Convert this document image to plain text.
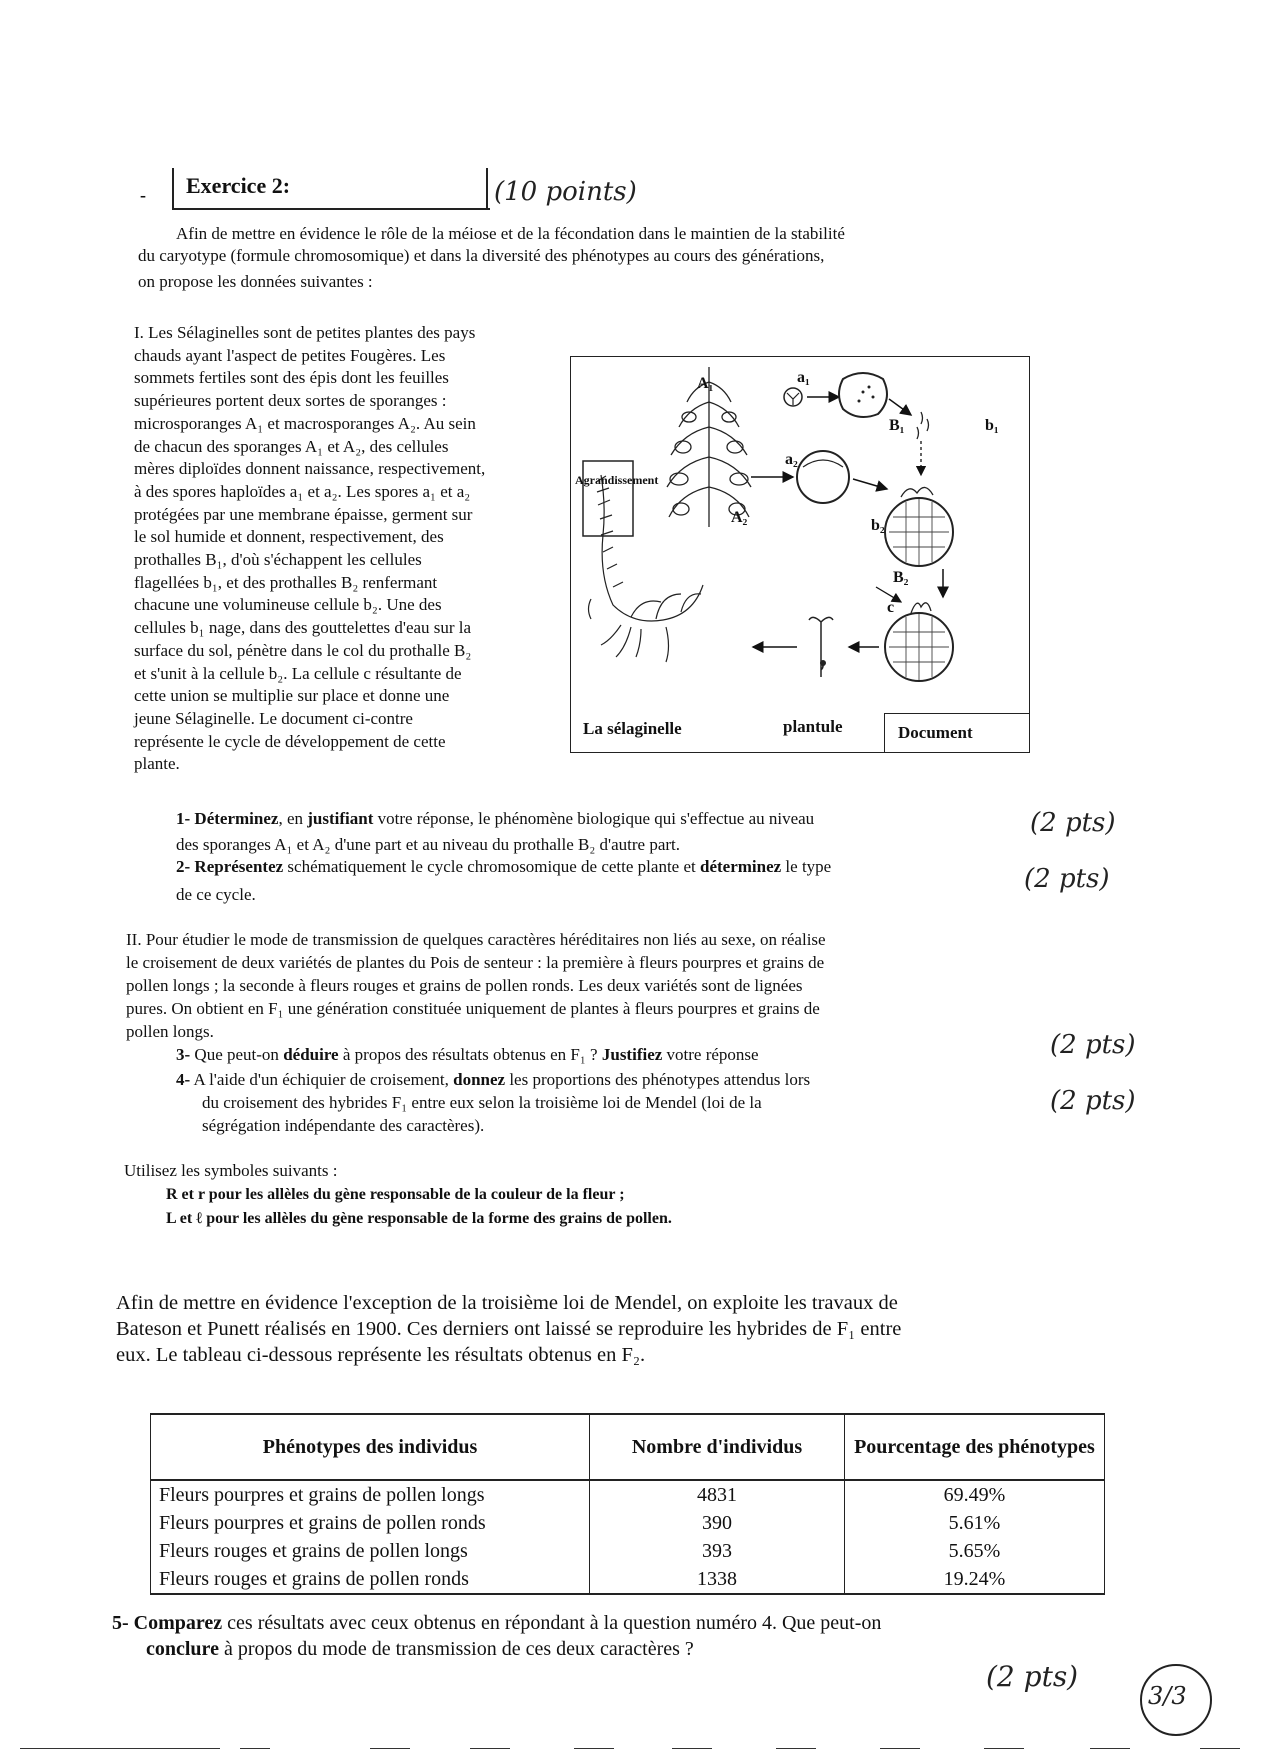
- Exercice 2:	(10 points)
Afin de mettre en évidence le rôle de la méiose et de la fécondation dans le maintien de la stabilité
du caryotype (formule chromosomique) et dans la diversité des phénotypes au cours des générations,
on propose les données suivantes :
I. Les Sélaginelles sont de petites plantes des pays
chauds ayant l'aspect de petites Fougères. Les
sommets fertiles sont des épis dont les feuilles
supérieures portent deux sortes de sporanges :
microsporanges A₁ et macrosporanges A₂. Au sein
de chacun des sporanges A₁ et A₂, des cellules
mères diploïdes donnent naissance, respectivement,
à des spores haploïdes a₁ et a₂. Les spores a₁ et a₂
protégées par une membrane épaisse, germent sur
le sol humide et donnent, respectivement, des
prothalles B₁, d'où s'échappent les cellules
flagellées b₁, et des prothalles B₂ renfermant
chacune une volumineuse cellule b₂. Une des
cellules b₁ nage, dans des gouttelettes d'eau sur la
surface du sol, pénètre dans le col du prothalle B₂
et s'unit à la cellule b₂. La cellule c résultante de
cette union se multiplie sur place et donne une
jeune Sélaginelle. Le document ci-contre
représente le cycle de développement de cette
plante.
A₁	a₁
B₁	b₁
Agrandissement
a₂
A₂	b₂
B₂
c
La sélaginelle	plantule	Document
1- Déterminez, en justifiant votre réponse, le phénomène biologique qui s'effectue au niveau
des sporanges A₁ et A₂ d'une part et au niveau du prothalle B₂ d'autre part.
(2 pts)
2- Représentez schématiquement le cycle chromosomique de cette plante et déterminez le type
de ce cycle.
(2 pts)
II. Pour étudier le mode de transmission de quelques caractères héréditaires non liés au sexe, on réalise
le croisement de deux variétés de plantes du Pois de senteur : la première à fleurs pourpres et grains de
pollen longs ; la seconde à fleurs rouges et grains de pollen ronds. Les deux variétés sont de lignées
pures. On obtient en F₁ une génération constituée uniquement de plantes à fleurs pourpres et grains de
pollen longs.
3- Que peut-on déduire à propos des résultats obtenus en F₁ ? Justifiez votre réponse	(2 pts)
4- A l'aide d'un échiquier de croisement, donnez les proportions des phénotypes attendus lors
du croisement des hybrides F₁ entre eux selon la troisième loi de Mendel (loi de la
ségrégation indépendante des caractères).
(2 pts)
Utilisez les symboles suivants :
R et r pour les allèles du gène responsable de la couleur de la fleur ;
L et ℓ pour les allèles du gène responsable de la forme des grains de pollen.
Afin de mettre en évidence l'exception de la troisième loi de Mendel, on exploite les travaux de
Bateson et Punett réalisés en 1900. Ces derniers ont laissé se reproduire les hybrides de F₁ entre
eux. Le tableau ci-dessous représente les résultats obtenus en F₂.
Phénotypes des individus	Nombre d'individus	Pourcentage des phénotypes
Fleurs pourpres et grains de pollen longs	4831	69.49%
Fleurs pourpres et grains de pollen ronds	390	5.61%
Fleurs rouges et grains de pollen longs	393	5.65%
Fleurs rouges et grains de pollen ronds	1338	19.24%
5- Comparez ces résultats avec ceux obtenus en répondant à la question numéro 4. Que peut-on
conclure à propos du mode de transmission de ces deux caractères ?
(2 pts)
3/3
